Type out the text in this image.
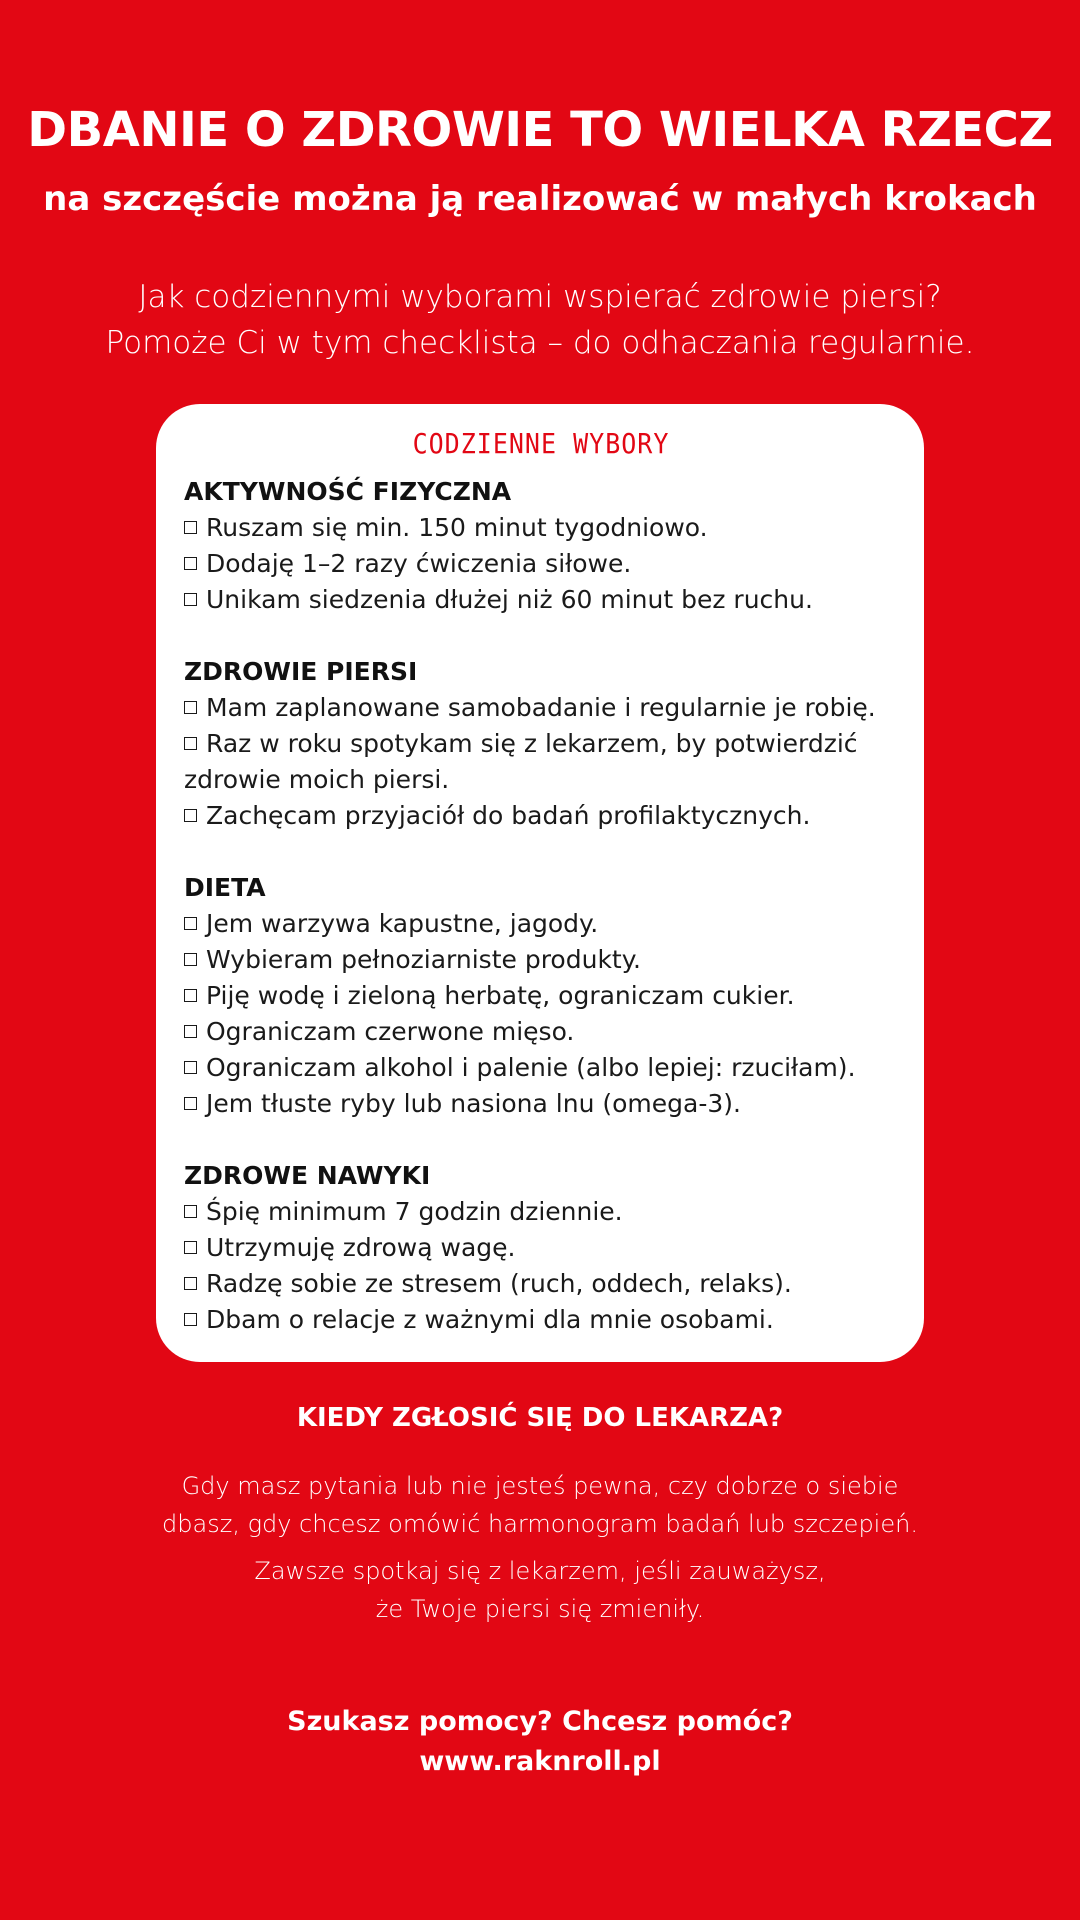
DBANIE O ZDROWIE TO WIELKA RZECZ
na szczęście można ją realizować w małych krokach

Jak codziennymi wyborami wspierać zdrowie piersi?
Pomoże Ci w tym checklista – do odhaczania regularnie.

CODZIENNE WYBORY

AKTYWNOŚĆ FIZYCZNA

Ruszam się min. 150 minut tygodniowo.

Dodaję 1–2 razy ćwiczenia siłowe.

Unikam siedzenia dłużej niż 60 minut bez ruchu.

ZDROWIE PIERSI

Mam zaplanowane samobadanie i regularnie je robię.

Raz w roku spotykam się z lekarzem, by potwierdzić zdrowie moich piersi.

Zachęcam przyjaciół do badań profilaktycznych.

DIETA

Jem warzywa kapustne, jagody.

Wybieram pełnoziarniste produkty.

Piję wodę i zieloną herbatę, ograniczam cukier.

Ograniczam czerwone mięso.

Ograniczam alkohol i palenie (albo lepiej: rzuciłam).

Jem tłuste ryby lub nasiona lnu (omega-3).

ZDROWE NAWYKI

Śpię minimum 7 godzin dziennie.

Utrzymuję zdrową wagę.

Radzę sobie ze stresem (ruch, oddech, relaks).

Dbam o relacje z ważnymi dla mnie osobami.

KIEDY ZGŁOSIĆ SIĘ DO LEKARZA?

Gdy masz pytania lub nie jesteś pewna, czy dobrze o siebie
dbasz, gdy chcesz omówić harmonogram badań lub szczepień.

Zawsze spotkaj się z lekarzem, jeśli zauważysz,
że Twoje piersi się zmieniły.

Szukasz pomocy? Chcesz pomóc?
www.raknroll.pl
